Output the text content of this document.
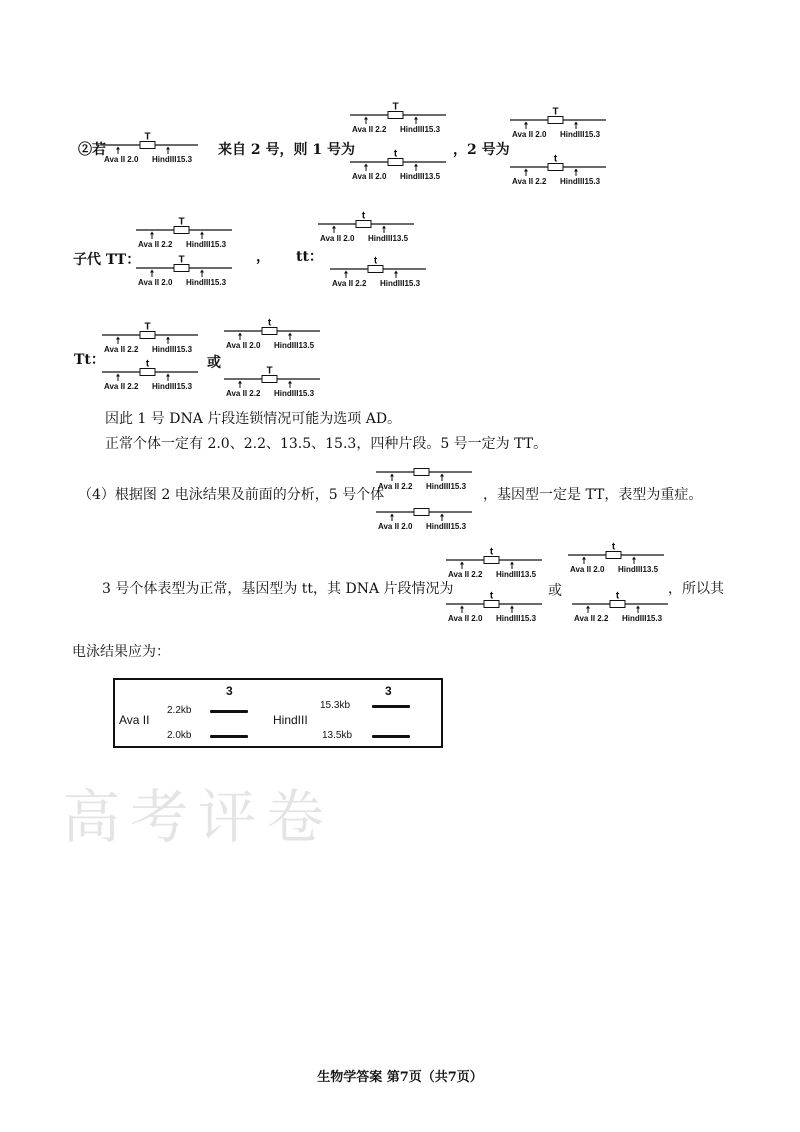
高考评卷
②若	来自 2 号，则 1 号为	，2 号为
子代 TT：	， tt：
Tt：	或
因此 1 号 DNA 片段连锁情况可能为选项 AD。
正常个体一定有 2.0、2.2、13.5、15.3，四种片段。5 号一定为 TT。
（4）根据图 2 电泳结果及前面的分析，5 号个体	，基因型一定是 TT，表型为重症。
3 号个体表型为正常，基因型为 tt，其 DNA 片段情况为	或	，所以其
电泳结果应为：
T
Ava II 2.0 HindIII15.3
T
Ava II 2.2 HindIII15.3
t
Ava II 2.0 HindIII13.5
T
Ava II 2.0 HindIII15.3
t
Ava II 2.2 HindIII15.3
T
Ava II 2.2 HindIII15.3
T
Ava II 2.0 HindIII15.3
t
Ava II 2.0 HindIII13.5
t
Ava II 2.2 HindIII15.3
T
Ava II 2.2 HindIII15.3
t
Ava II 2.2 HindIII15.3
t
Ava II 2.0 HindIII13.5
T
Ava II 2.2 HindIII15.3
Ava II 2.2 HindIII15.3
Ava II 2.0 HindIII15.3
t
Ava II 2.2 HindIII13.5
t
Ava II 2.0 HindIII15.3
t
Ava II 2.0 HindIII13.5
t
Ava II 2.2 HindIII15.3
Ava II
3
2.2kb
2.0kb
HindIII
3
15.3kb
13.5kb
生物学答案 第7页（共7页）
